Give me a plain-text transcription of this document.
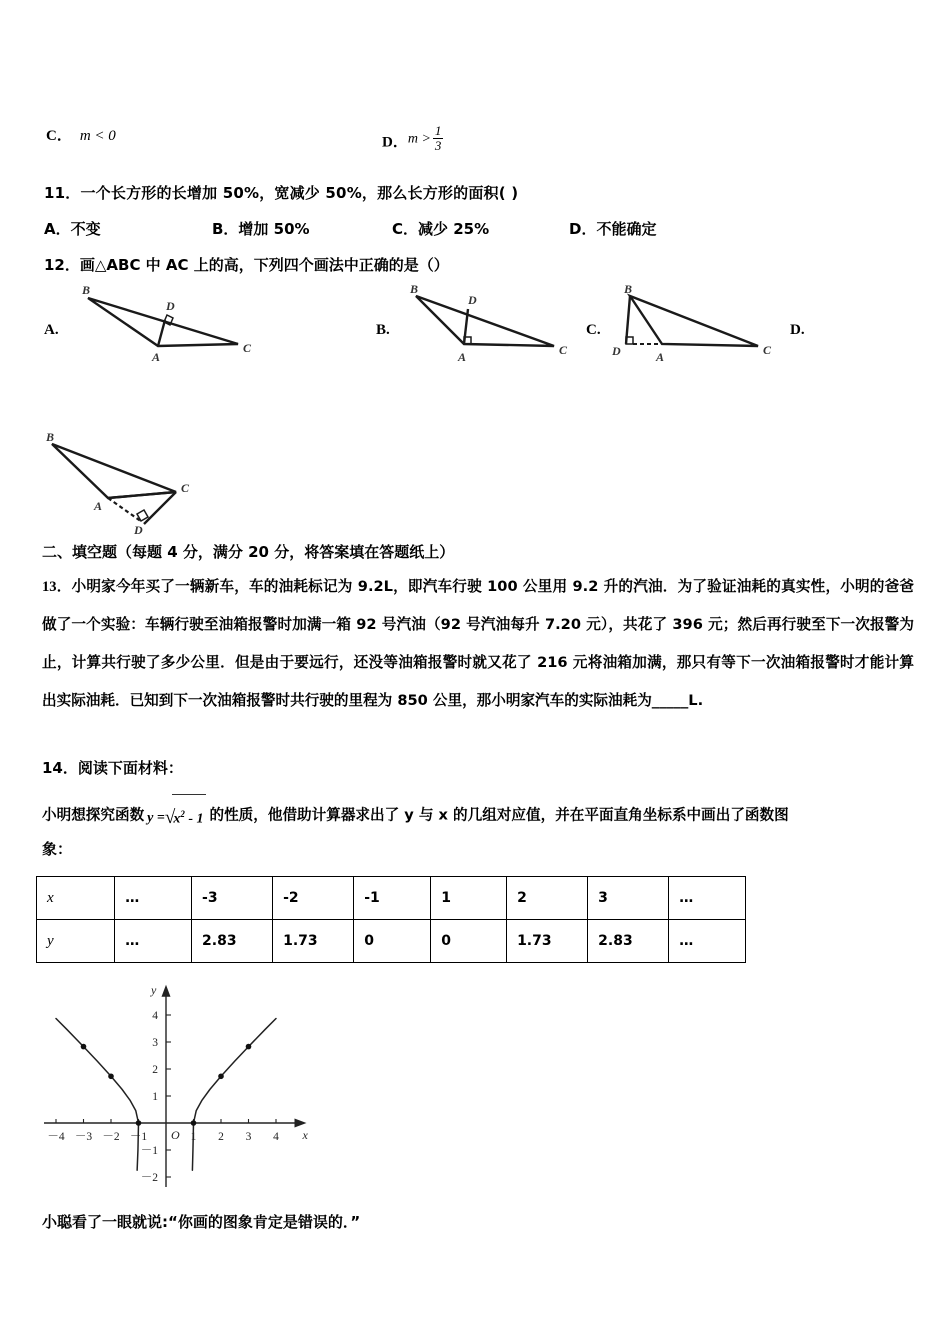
C． m < 0	D．$m > \frac{1}{3}$
11．一个长方形的长增加 50%，宽减少 50%，那么长方形的面积( )
A．不变	B．增加 50%	C．减少 25%	D．不能确定
12．画△ABC 中 AC 上的高，下列四个画法中正确的是（）
A.
B
D
A
C
B.
B
D
A	C
C.
B
D	A	C
D.
B
A
C
D
二、填空题（每题 4 分，满分 20 分，将答案填在答题纸上）
13．小明家今年买了一辆新车，车的油耗标记为 9.2L，即汽车行驶 100 公里用 9.2 升的汽油．为了验证油耗的真实性，小明的爸爸做了一个实验：车辆行驶至油箱报警时加满一箱 92 号汽油（92 号汽油每升 7.20 元），共花了 396 元；然后再行驶至下一次报警为止，计算共行驶了多少公里．但是由于要远行，还没等油箱报警时就又花了 216 元将油箱加满，那只有等下一次油箱报警时才能计算出实际油耗．已知到下一次油箱报警时共行驶的里程为 850 公里，那小明家汽车的实际油耗为_____L.
14．阅读下面材料：
小明想探究函数 $y =√x^2 - 1$ 的性质，他借助计算器求出了 y 与 x 的几组对应值，并在平面直角坐标系中画出了函数图
象：
x	…	-3	-2	-1	1	2	3	…
y	…	2.83	1.73	0	0	1.73	2.83	…
x
y
－4 －3 －2 －1	1 2 3 4
－2
－1
1
2
3
4
O
小聪看了一眼就说:“你画的图象肯定是错误的．”
